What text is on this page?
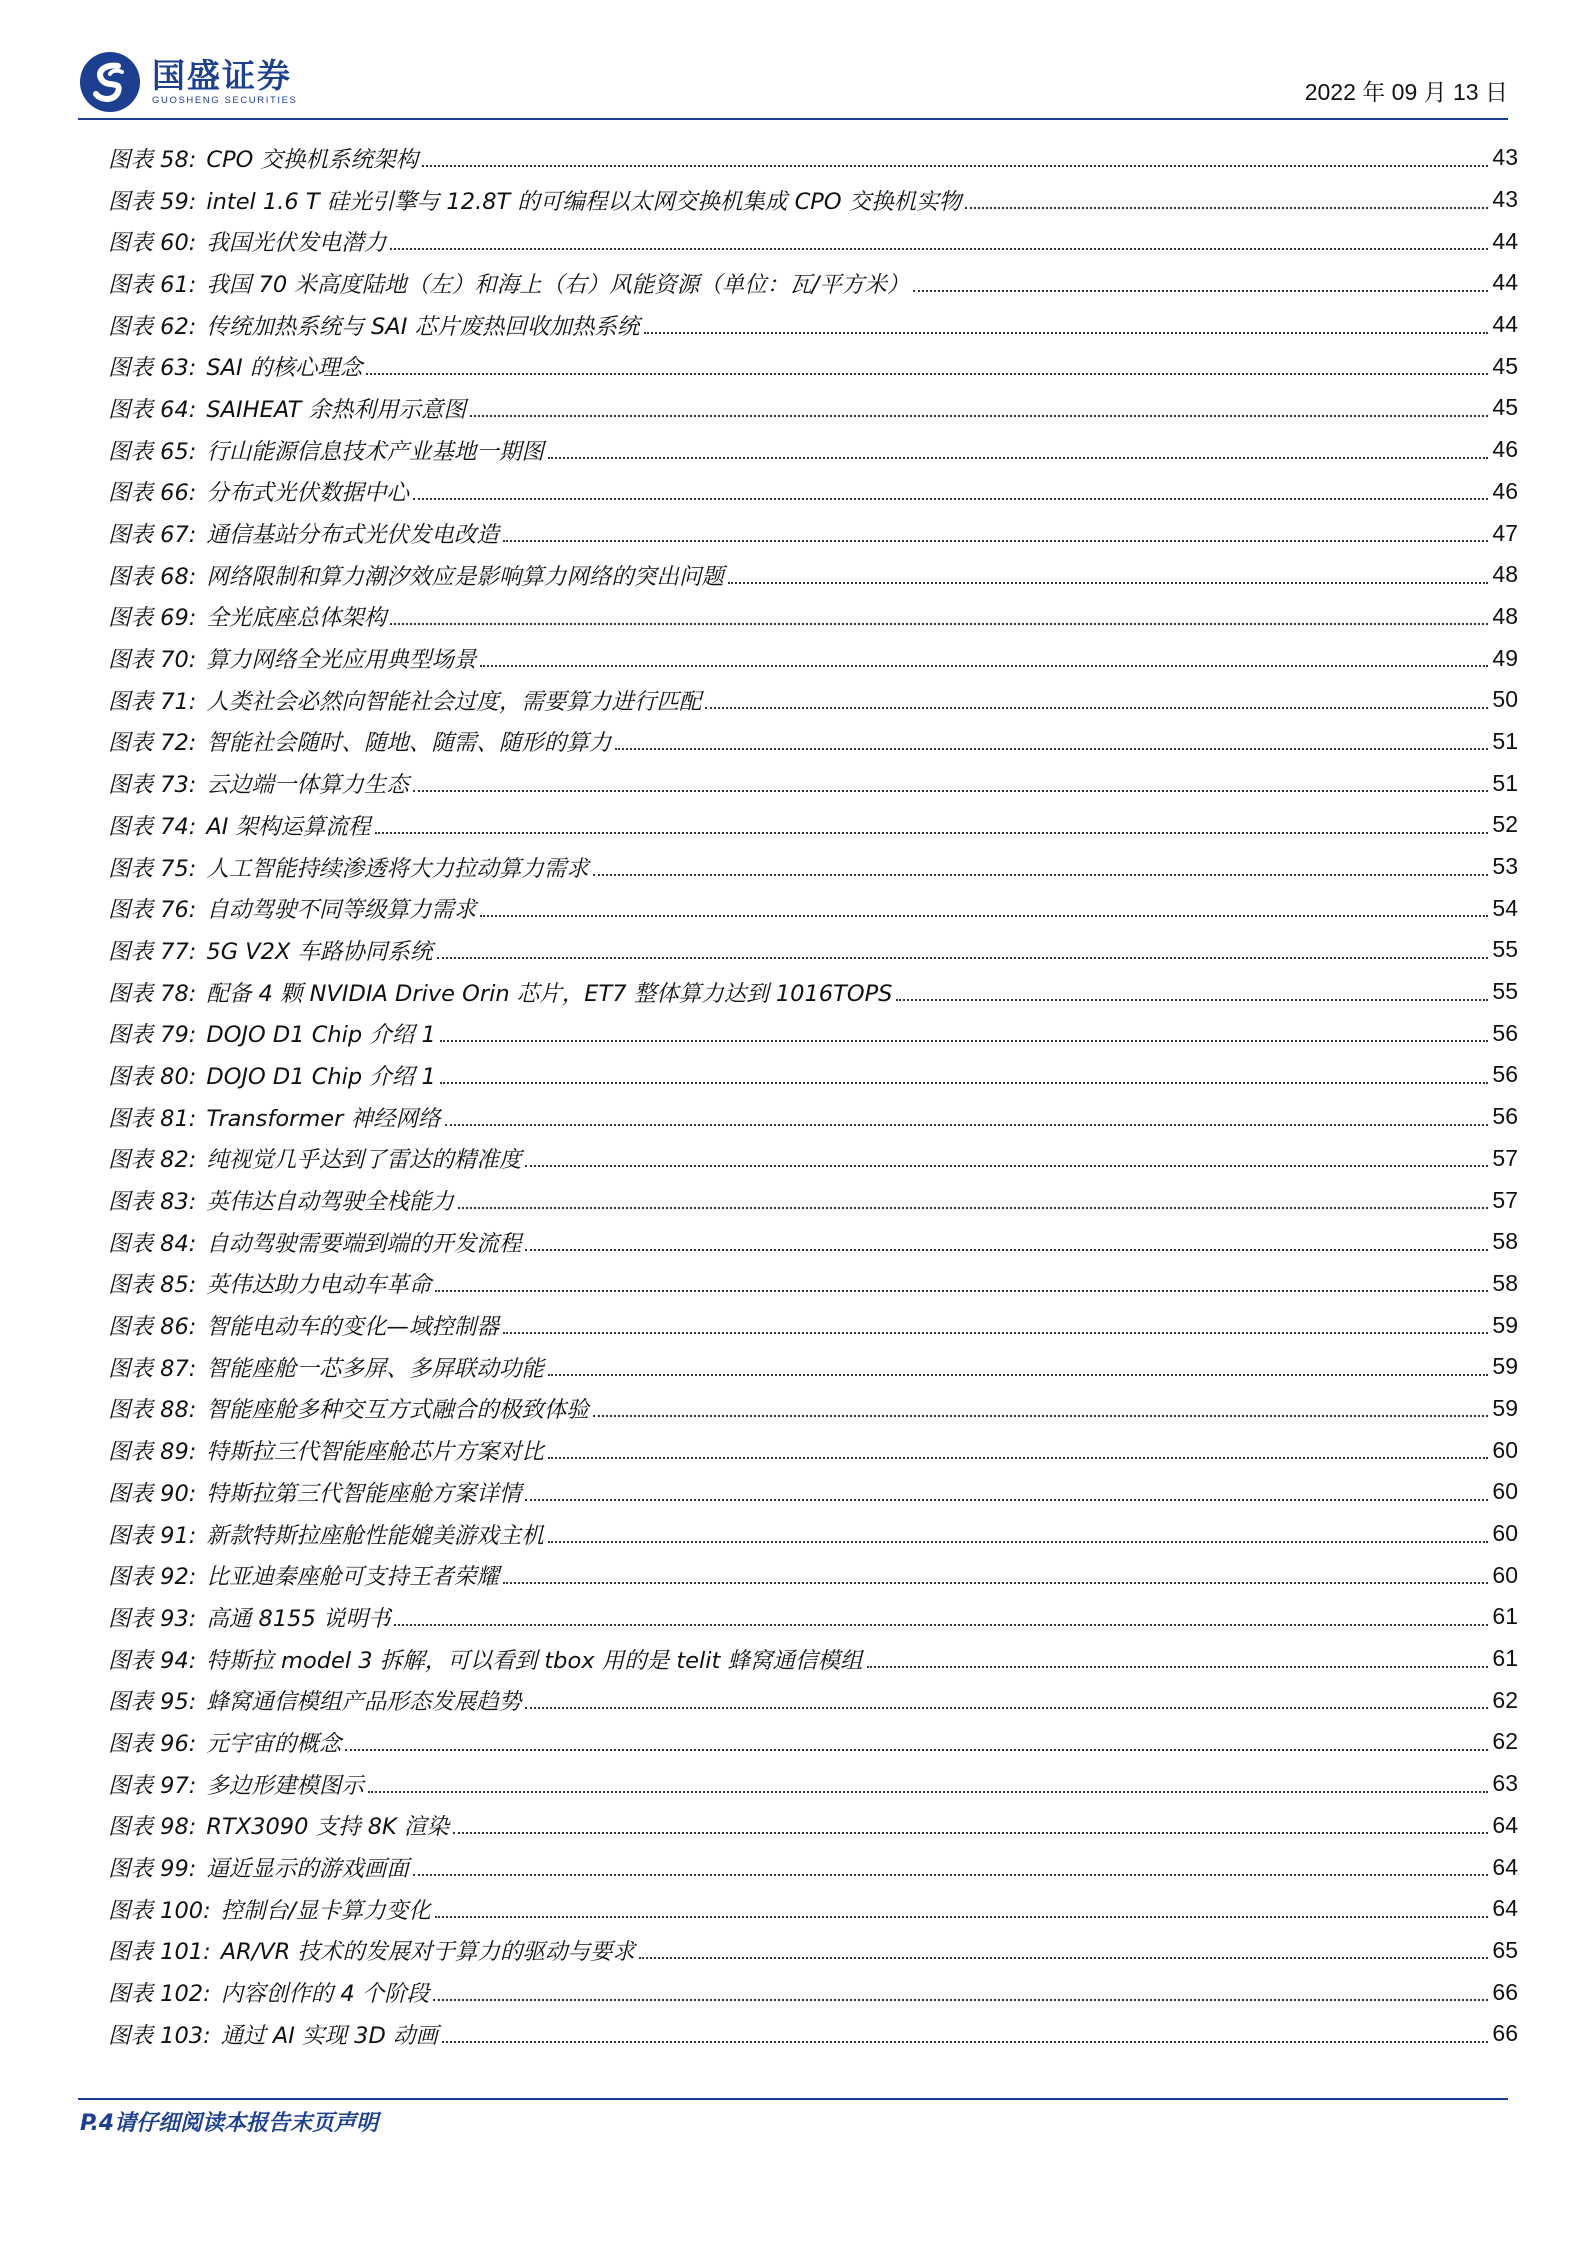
国盛证券
GUOSHENG SECURITIES	2022 年 09 月 13 日
图表 58: CPO 交换机系统架构	43
图表 59: intel 1.6 T 硅光引擎与 12.8T 的可编程以太网交换机集成 CPO 交换机实物	43
图表 60: 我国光伏发电潜力	44
图表 61: 我国 70 米高度陆地（左）和海上（右）风能资源（单位：瓦/平方米）	44
图表 62: 传统加热系统与 SAI 芯片废热回收加热系统	44
图表 63: SAI 的核心理念	45
图表 64: SAIHEAT 余热利用示意图	45
图表 65: 行山能源信息技术产业基地一期图	46
图表 66: 分布式光伏数据中心	46
图表 67: 通信基站分布式光伏发电改造	47
图表 68: 网络限制和算力潮汐效应是影响算力网络的突出问题	48
图表 69: 全光底座总体架构	48
图表 70: 算力网络全光应用典型场景	49
图表 71: 人类社会必然向智能社会过度，需要算力进行匹配	50
图表 72: 智能社会随时、随地、随需、随形的算力	51
图表 73: 云边端一体算力生态	51
图表 74: AI 架构运算流程	52
图表 75: 人工智能持续渗透将大力拉动算力需求	53
图表 76: 自动驾驶不同等级算力需求	54
图表 77: 5G V2X 车路协同系统	55
图表 78: 配备 4 颗 NVIDIA Drive Orin 芯片，ET7 整体算力达到 1016TOPS	55
图表 79: DOJO D1 Chip 介绍 1	56
图表 80: DOJO D1 Chip 介绍 1	56
图表 81: Transformer 神经网络	56
图表 82: 纯视觉几乎达到了雷达的精准度	57
图表 83: 英伟达自动驾驶全栈能力	57
图表 84: 自动驾驶需要端到端的开发流程	58
图表 85: 英伟达助力电动车革命	58
图表 86: 智能电动车的变化—域控制器	59
图表 87: 智能座舱一芯多屏、多屏联动功能	59
图表 88: 智能座舱多种交互方式融合的极致体验	59
图表 89: 特斯拉三代智能座舱芯片方案对比	60
图表 90: 特斯拉第三代智能座舱方案详情	60
图表 91: 新款特斯拉座舱性能媲美游戏主机	60
图表 92: 比亚迪秦座舱可支持王者荣耀	60
图表 93: 高通 8155 说明书	61
图表 94: 特斯拉 model 3 拆解，可以看到 tbox 用的是 telit 蜂窝通信模组	61
图表 95: 蜂窝通信模组产品形态发展趋势	62
图表 96: 元宇宙的概念	62
图表 97: 多边形建模图示	63
图表 98: RTX3090 支持 8K 渲染	64
图表 99: 逼近显示的游戏画面	64
图表 100: 控制台/显卡算力变化	64
图表 101: AR/VR 技术的发展对于算力的驱动与要求	65
图表 102: 内容创作的 4 个阶段	66
图表 103: 通过 AI 实现 3D 动画	66
P.4请仔细阅读本报告末页声明
